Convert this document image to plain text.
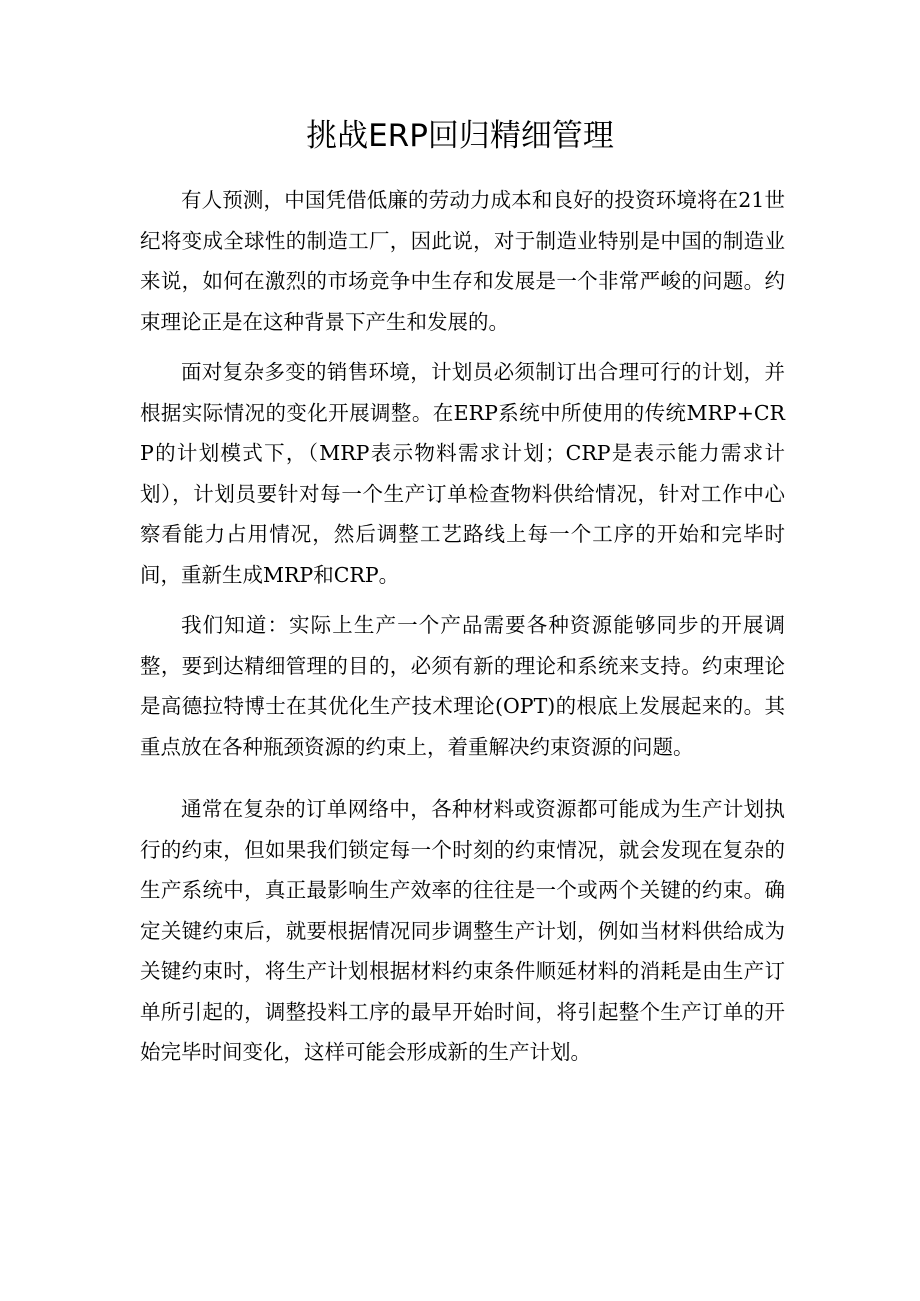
挑战ERP回归精细管理

有人预测，中国凭借低廉的劳动力成本和良好的投资环境将在21世纪将变成全球性的制造工厂，因此说，对于制造业特别是中国的制造业来说，如何在激烈的市场竞争中生存和发展是一个非常严峻的问题。约束理论正是在这种背景下产生和发展的。

面对复杂多变的销售环境，计划员必须制订出合理可行的计划，并根据实际情况的变化开展调整。在ERP系统中所使用的传统MRP+CRP的计划模式下，（MRP表示物料需求计划；CRP是表示能力需求计划），计划员要针对每一个生产订单检查物料供给情况，针对工作中心察看能力占用情况，然后调整工艺路线上每一个工序的开始和完毕时间，重新生成MRP和CRP。

我们知道：实际上生产一个产品需要各种资源能够同步的开展调整，要到达精细管理的目的，必须有新的理论和系统来支持。约束理论是高德拉特博士在其优化生产技术理论(OPT)的根底上发展起来的。其重点放在各种瓶颈资源的约束上，着重解决约束资源的问题。

通常在复杂的订单网络中，各种材料或资源都可能成为生产计划执行的约束，但如果我们锁定每一个时刻的约束情况，就会发现在复杂的生产系统中，真正最影响生产效率的往往是一个或两个关键的约束。确定关键约束后，就要根据情况同步调整生产计划，例如当材料供给成为关键约束时，将生产计划根据材料约束条件顺延材料的消耗是由生产订单所引起的，调整投料工序的最早开始时间，将引起整个生产订单的开始完毕时间变化，这样可能会形成新的生产计划。
